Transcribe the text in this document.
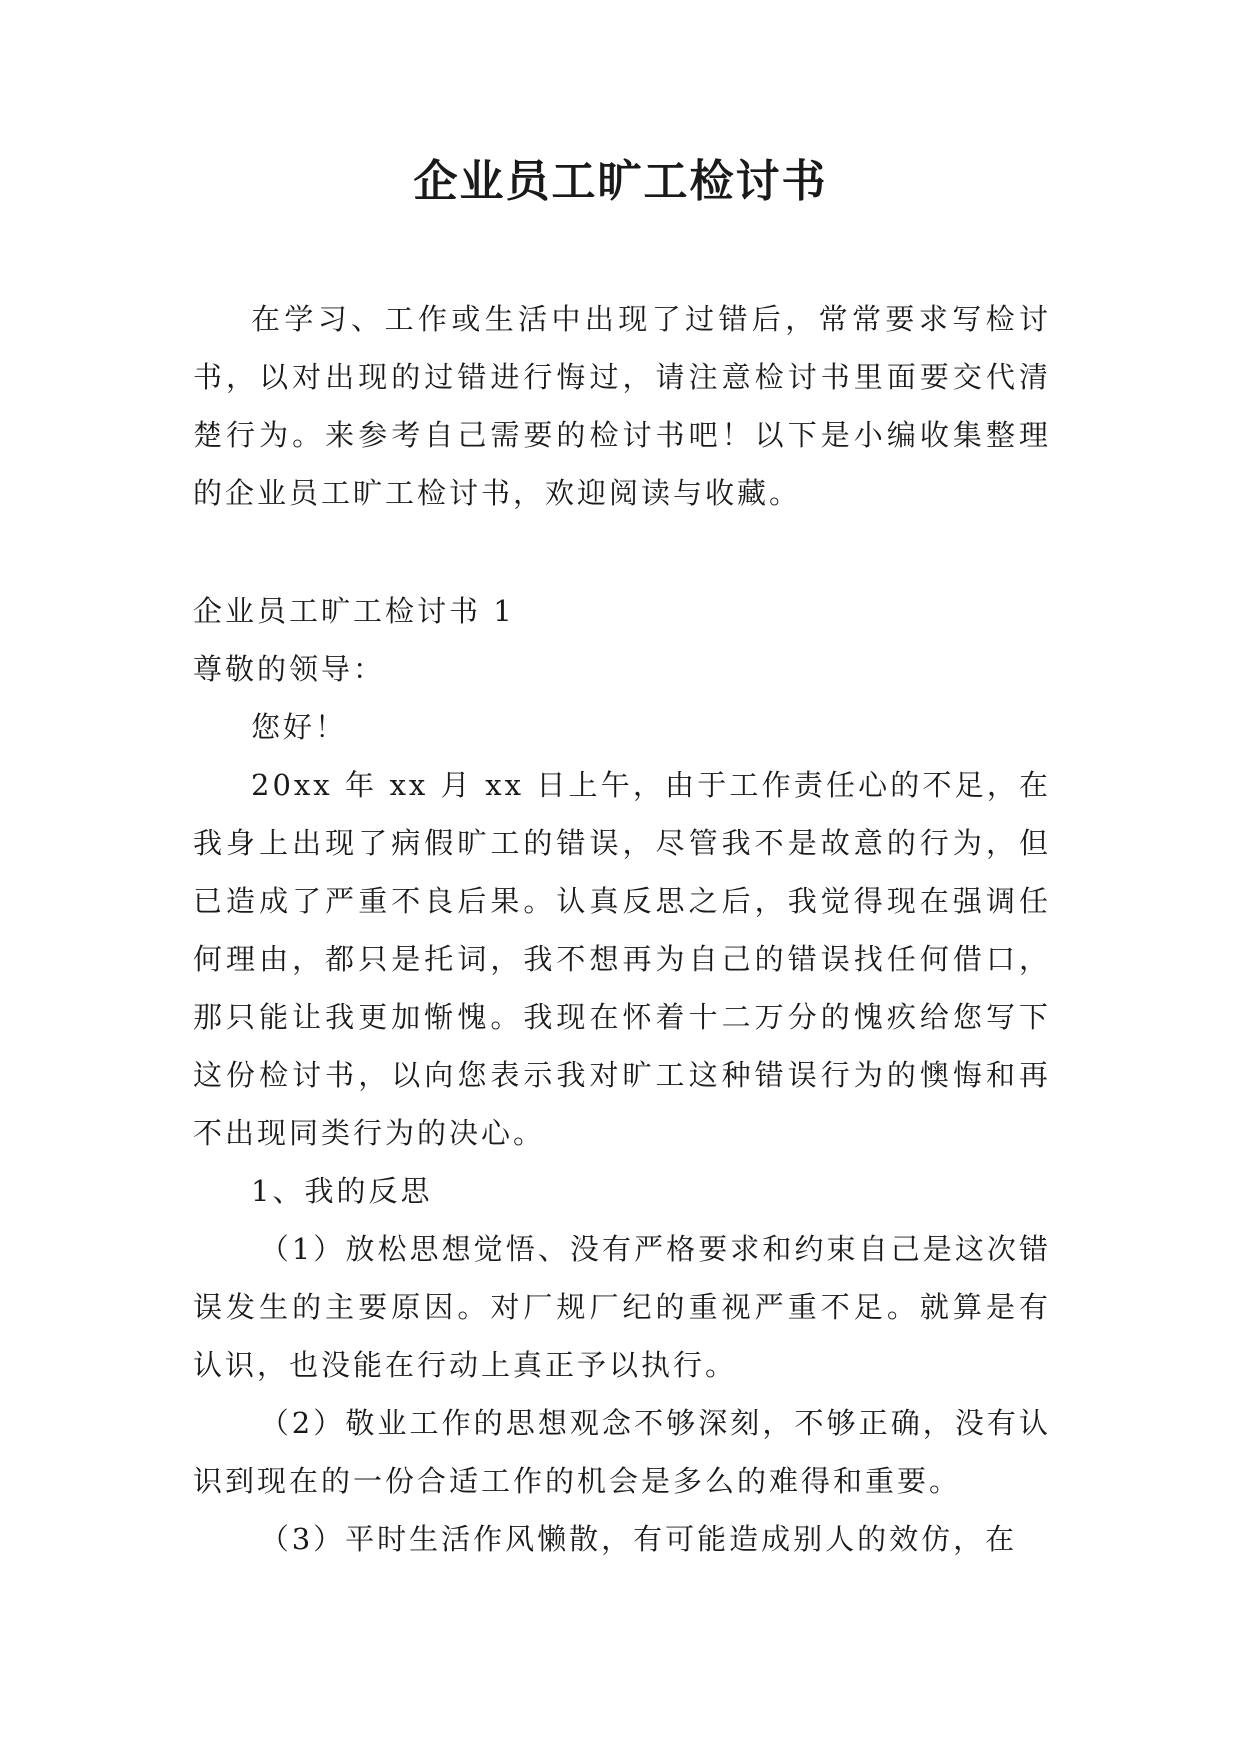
企业员工旷工检讨书

在学习、工作或生活中出现了过错后，常常要求写检讨书，以对出现的过错进行悔过，请注意检讨书里面要交代清楚行为。来参考自己需要的检讨书吧！以下是小编收集整理的企业员工旷工检讨书，欢迎阅读与收藏。

企业员工旷工检讨书 1

尊敬的领导：

您好！

20xx 年 xx 月 xx 日上午，由于工作责任心的不足，在我身上出现了病假旷工的错误，尽管我不是故意的行为，但已造成了严重不良后果。认真反思之后，我觉得现在强调任何理由，都只是托词，我不想再为自己的错误找任何借口，那只能让我更加惭愧。我现在怀着十二万分的愧疚给您写下这份检讨书，以向您表示我对旷工这种错误行为的懊悔和再不出现同类行为的决心。

1、我的反思

（1）放松思想觉悟、没有严格要求和约束自己是这次错误发生的主要原因。对厂规厂纪的重视严重不足。就算是有认识，也没能在行动上真正予以执行。

（2）敬业工作的思想观念不够深刻，不够正确，没有认识到现在的一份合适工作的机会是多么的难得和重要。

（3）平时生活作风懒散，有可能造成别人的效仿，在
